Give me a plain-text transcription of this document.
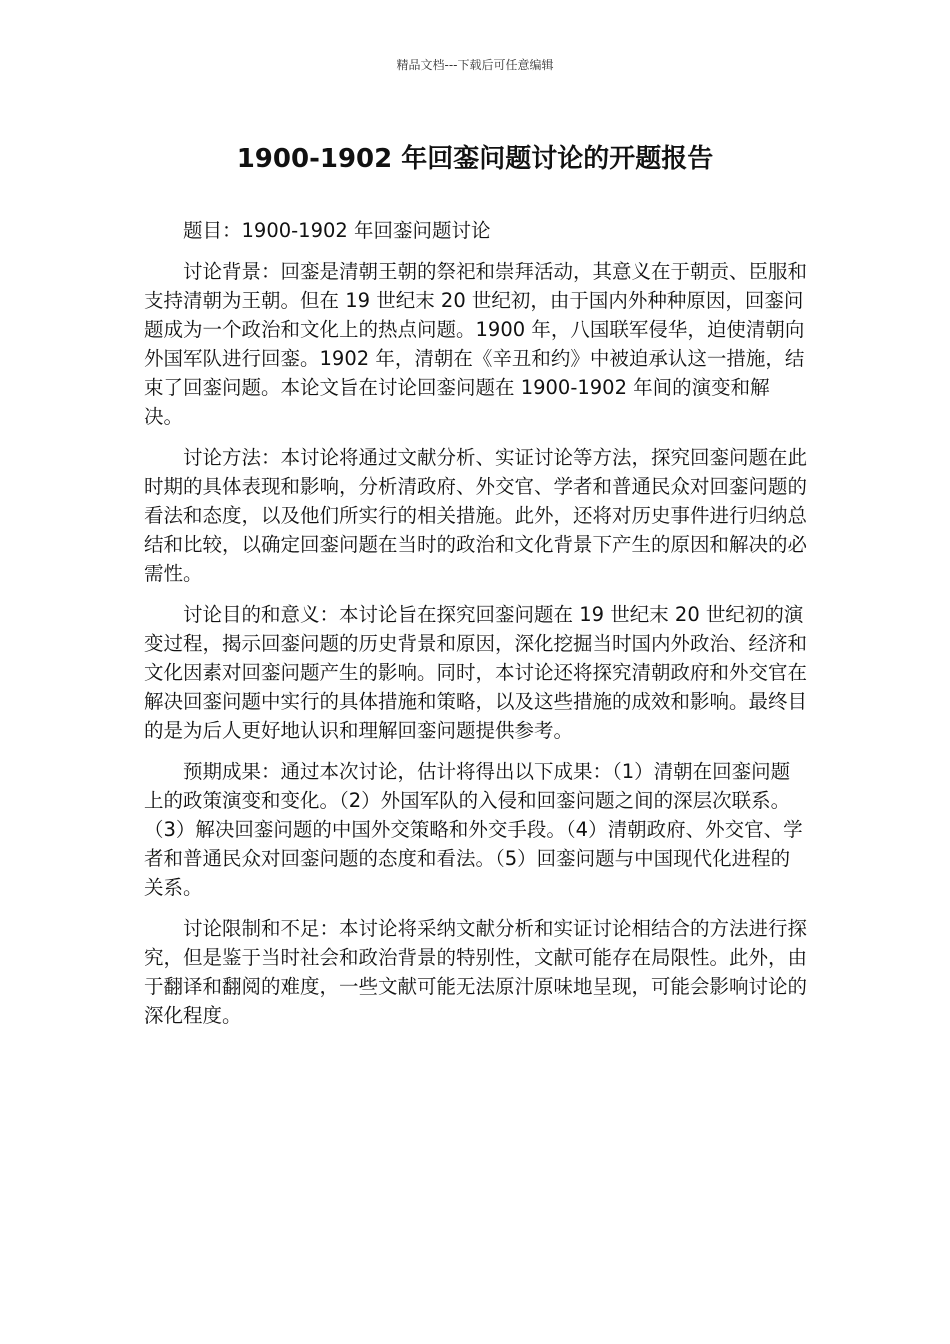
精品文档---下载后可任意编辑
1900-1902 年回銮问题讨论的开题报告

题目：1900-1902 年回銮问题讨论

讨论背景：回銮是清朝王朝的祭祀和崇拜活动，其意义在于朝贡、臣服和支持清朝为王朝。但在 19 世纪末 20 世纪初，由于国内外种种原因，回銮问题成为一个政治和文化上的热点问题。1900 年，八国联军侵华，迫使清朝向外国军队进行回銮。1902 年，清朝在《辛丑和约》中被迫承认这一措施，结束了回銮问题。本论文旨在讨论回銮问题在 1900-1902 年间的演变和解决。

讨论方法：本讨论将通过文献分析、实证讨论等方法，探究回銮问题在此时期的具体表现和影响，分析清政府、外交官、学者和普通民众对回銮问题的看法和态度，以及他们所实行的相关措施。此外，还将对历史事件进行归纳总结和比较，以确定回銮问题在当时的政治和文化背景下产生的原因和解决的必需性。

讨论目的和意义：本讨论旨在探究回銮问题在 19 世纪末 20 世纪初的演变过程，揭示回銮问题的历史背景和原因，深化挖掘当时国内外政治、经济和文化因素对回銮问题产生的影响。同时，本讨论还将探究清朝政府和外交官在解决回銮问题中实行的具体措施和策略，以及这些措施的成效和影响。最终目的是为后人更好地认识和理解回銮问题提供参考。

预期成果：通过本次讨论，估计将得出以下成果：（1）清朝在回銮问题上的政策演变和变化。（2）外国军队的入侵和回銮问题之间的深层次联系。（3）解决回銮问题的中国外交策略和外交手段。（4）清朝政府、外交官、学者和普通民众对回銮问题的态度和看法。（5）回銮问题与中国现代化进程的关系。

讨论限制和不足：本讨论将采纳文献分析和实证讨论相结合的方法进行探究，但是鉴于当时社会和政治背景的特别性，文献可能存在局限性。此外，由于翻译和翻阅的难度，一些文献可能无法原汁原味地呈现，可能会影响讨论的深化程度。
